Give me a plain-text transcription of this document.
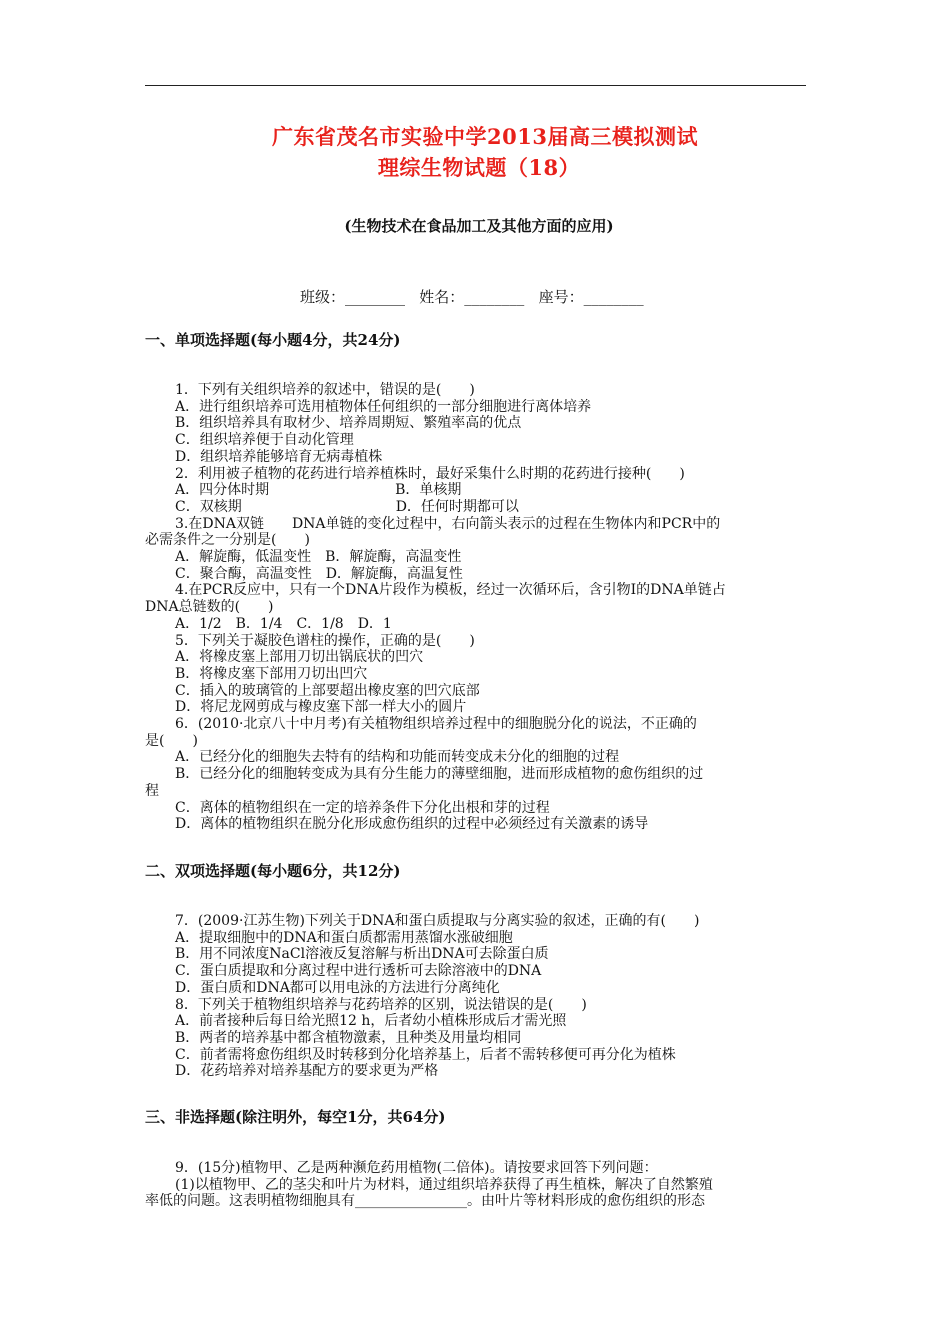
广东省茂名市实验中学2013届高三模拟测试
理综生物试题（18）
(生物技术在食品加工及其他方面的应用)
班级：________   姓名：________   座号：________
一、单项选择题(每小题4分，共24分)
1．下列有关组织培养的叙述中，错误的是(　　)
A．进行组织培养可选用植物体任何组织的一部分细胞进行离体培养
B．组织培养具有取材少、培养周期短、繁殖率高的优点
C．组织培养便于自动化管理
D．组织培养能够培育无病毒植株
2．利用被子植物的花药进行培养植株时，最好采集什么时期的花药进行接种(　　)
A．四分体时期　　　　　　　　　B．单核期
C．双核期　　　　　　　　　　　D．任何时期都可以
3.在DNA双链　　DNA单链的变化过程中，右向箭头表示的过程在生物体内和PCR中的
必需条件之一分别是(　　)
A．解旋酶，低温变性　B．解旋酶，高温变性
C．聚合酶，高温变性　D．解旋酶，高温复性
4.在PCR反应中，只有一个DNA片段作为模板，经过一次循环后，含引物Ⅰ的DNA单链占
DNA总链数的(　　)
A．1/2　B．1/4　C．1/8　D．1
5．下列关于凝胶色谱柱的操作，正确的是(　　)
A．将橡皮塞上部用刀切出锅底状的凹穴
B．将橡皮塞下部用刀切出凹穴
C．插入的玻璃管的上部要超出橡皮塞的凹穴底部
D．将尼龙网剪成与橡皮塞下部一样大小的圆片
6．(2010·北京八十中月考)有关植物组织培养过程中的细胞脱分化的说法，不正确的
是(　　)
A．已经分化的细胞失去特有的结构和功能而转变成未分化的细胞的过程
B．已经分化的细胞转变成为具有分生能力的薄壁细胞，进而形成植物的愈伤组织的过
程
C．离体的植物组织在一定的培养条件下分化出根和芽的过程
D．离体的植物组织在脱分化形成愈伤组织的过程中必须经过有关激素的诱导
二、双项选择题(每小题6分，共12分)
7．(2009·江苏生物)下列关于DNA和蛋白质提取与分离实验的叙述，正确的有(　　)
A．提取细胞中的DNA和蛋白质都需用蒸馏水涨破细胞
B．用不同浓度NaCl溶液反复溶解与析出DNA可去除蛋白质
C．蛋白质提取和分离过程中进行透析可去除溶液中的DNA
D．蛋白质和DNA都可以用电泳的方法进行分离纯化
8．下列关于植物组织培养与花药培养的区别，说法错误的是(　　)
A．前者接种后每日给光照12 h，后者幼小植株形成后才需光照
B．两者的培养基中都含植物激素，且种类及用量均相同
C．前者需将愈伤组织及时转移到分化培养基上，后者不需转移便可再分化为植株
D．花药培养对培养基配方的要求更为严格
三、非选择题(除注明外，每空1分，共64分)
9．(15分)植物甲、乙是两种濒危药用植物(二倍体)。请按要求回答下列问题：
(1)以植物甲、乙的茎尖和叶片为材料，通过组织培养获得了再生植株，解决了自然繁殖
率低的问题。这表明植物细胞具有________________。由叶片等材料形成的愈伤组织的形态
